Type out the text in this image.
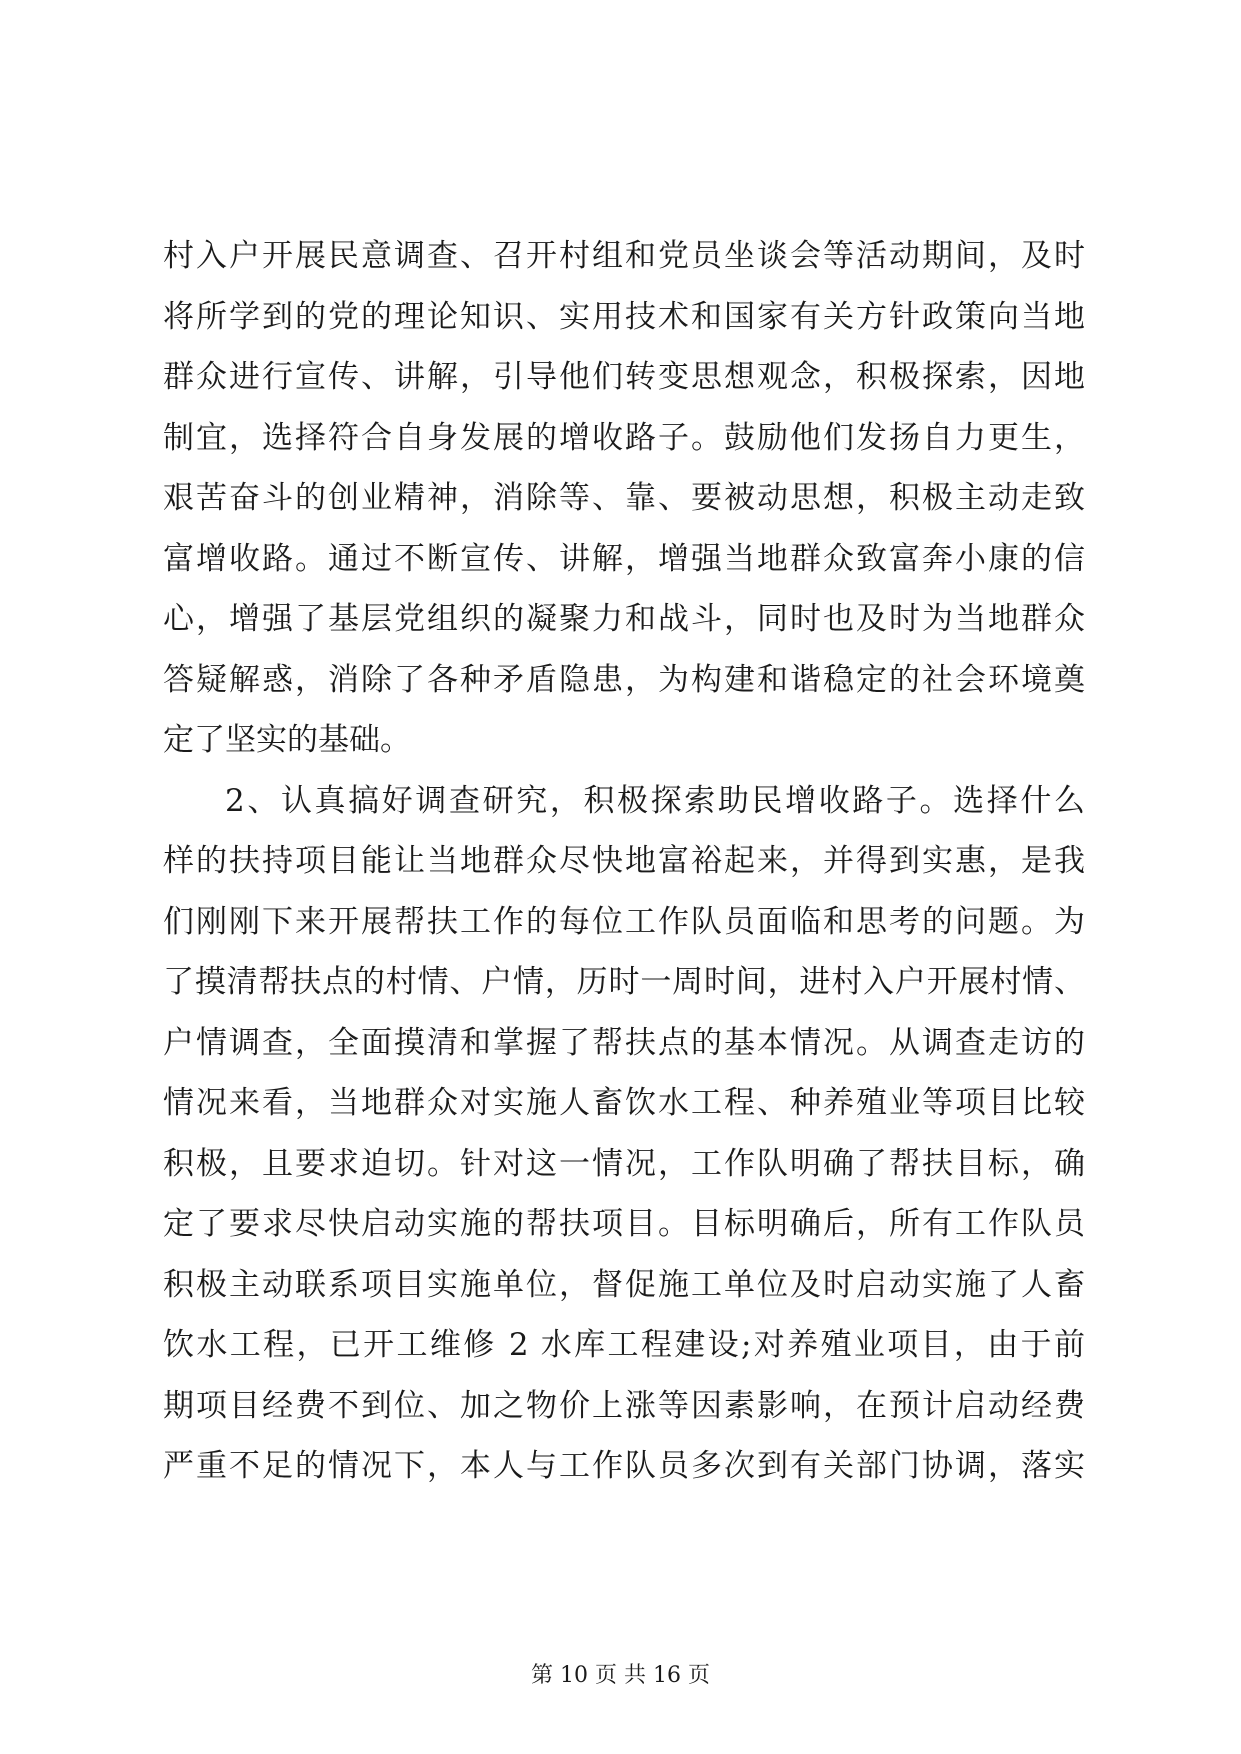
村入户开展民意调查、召开村组和党员坐谈会等活动期间，及时
将所学到的党的理论知识、实用技术和国家有关方针政策向当地
群众进行宣传、讲解，引导他们转变思想观念，积极探索，因地
制宜，选择符合自身发展的增收路子。鼓励他们发扬自力更生，
艰苦奋斗的创业精神，消除等、靠、要被动思想，积极主动走致
富增收路。通过不断宣传、讲解，增强当地群众致富奔小康的信
心，增强了基层党组织的凝聚力和战斗，同时也及时为当地群众
答疑解惑，消除了各种矛盾隐患，为构建和谐稳定的社会环境奠
定了坚实的基础。
2、认真搞好调查研究，积极探索助民增收路子。选择什么
样的扶持项目能让当地群众尽快地富裕起来，并得到实惠，是我
们刚刚下来开展帮扶工作的每位工作队员面临和思考的问题。为
了摸清帮扶点的村情、户情，历时一周时间，进村入户开展村情、
户情调查，全面摸清和掌握了帮扶点的基本情况。从调查走访的
情况来看，当地群众对实施人畜饮水工程、种养殖业等项目比较
积极，且要求迫切。针对这一情况，工作队明确了帮扶目标，确
定了要求尽快启动实施的帮扶项目。目标明确后，所有工作队员
积极主动联系项目实施单位，督促施工单位及时启动实施了人畜
饮水工程，已开工维修 2 水库工程建设;对养殖业项目，由于前
期项目经费不到位、加之物价上涨等因素影响，在预计启动经费
严重不足的情况下，本人与工作队员多次到有关部门协调，落实
第 10 页 共 16 页
